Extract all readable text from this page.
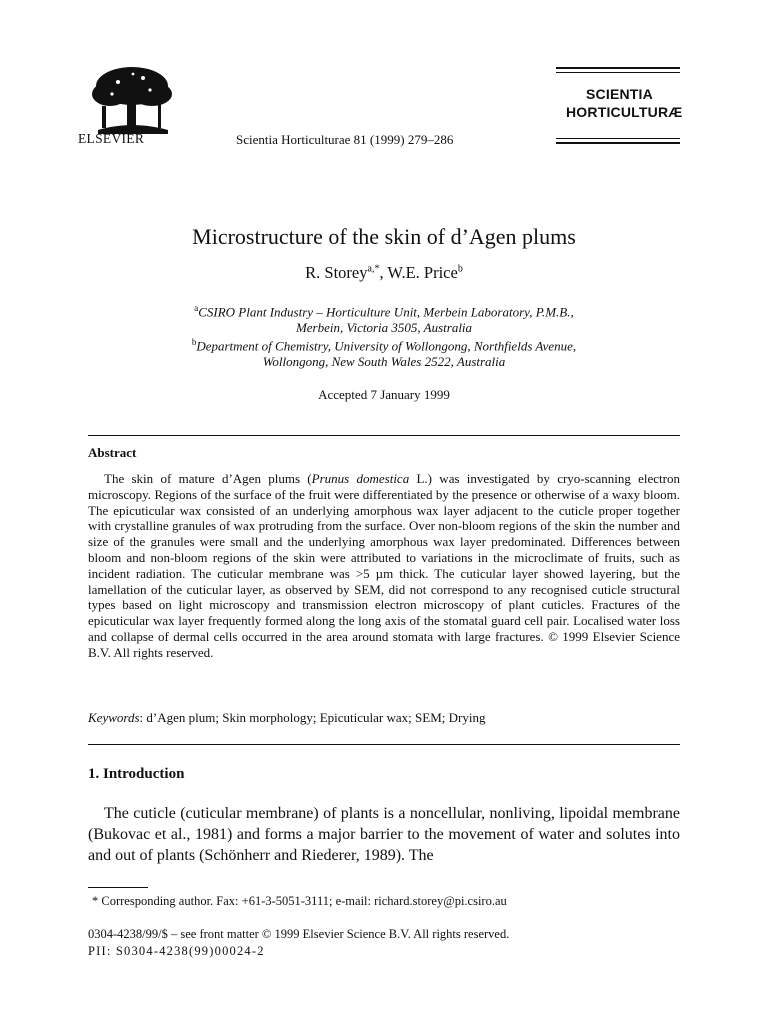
ELSEVIER	Scientia Horticulturae 81 (1999) 279–286
SCIENTIA
HORTICULTURÆ
Microstructure of the skin of d’Agen plums
R. Storey$^{a,*}$, W.E. Price$^b$
$^a$CSIRO Plant Industry – Horticulture Unit, Merbein Laboratory, P.M.B.,
Merbein, Victoria 3505, Australia
$^b$Department of Chemistry, University of Wollongong, Northfields Avenue,
Wollongong, New South Wales 2522, Australia
Accepted 7 January 1999
Abstract

The skin of mature d’Agen plums (Prunus domestica L.) was investigated by cryo-scanning electron microscopy. Regions of the surface of the fruit were differentiated by the presence or otherwise of a waxy bloom. The epicuticular wax consisted of an underlying amorphous wax layer adjacent to the cuticle proper together with crystalline granules of wax protruding from the surface. Over non-bloom regions of the skin the number and size of the granules were small and the underlying amorphous wax layer predominated. Differences between bloom and non-bloom regions of the skin were attributed to variations in the microclimate of fruits, such as incident radiation. The cuticular membrane was >5 µm thick. The cuticular layer showed layering, but the lamellation of the cuticular layer, as observed by SEM, did not correspond to any recognised cuticle structural types based on light microscopy and transmission electron microscopy of plant cuticles. Fractures of the epicuticular wax layer frequently formed along the long axis of the stomatal guard cell pair. Localised water loss and collapse of dermal cells occurred in the area around stomata with large fractures. © 1999 Elsevier Science B.V. All rights reserved.

Keywords: d’Agen plum; Skin morphology; Epicuticular wax; SEM; Drying
1. Introduction

The cuticle (cuticular membrane) of plants is a noncellular, nonliving, lipoidal membrane (Bukovac et al., 1981) and forms a major barrier to the movement of water and solutes into and out of plants (Schönherr and Riederer, 1989). The

* Corresponding author. Fax: +61-3-5051-3111; e-mail: richard.storey@pi.csiro.au
0304-4238/99/$ – see front matter © 1999 Elsevier Science B.V. All rights reserved.
PII: S0304-4238(99)00024-2
